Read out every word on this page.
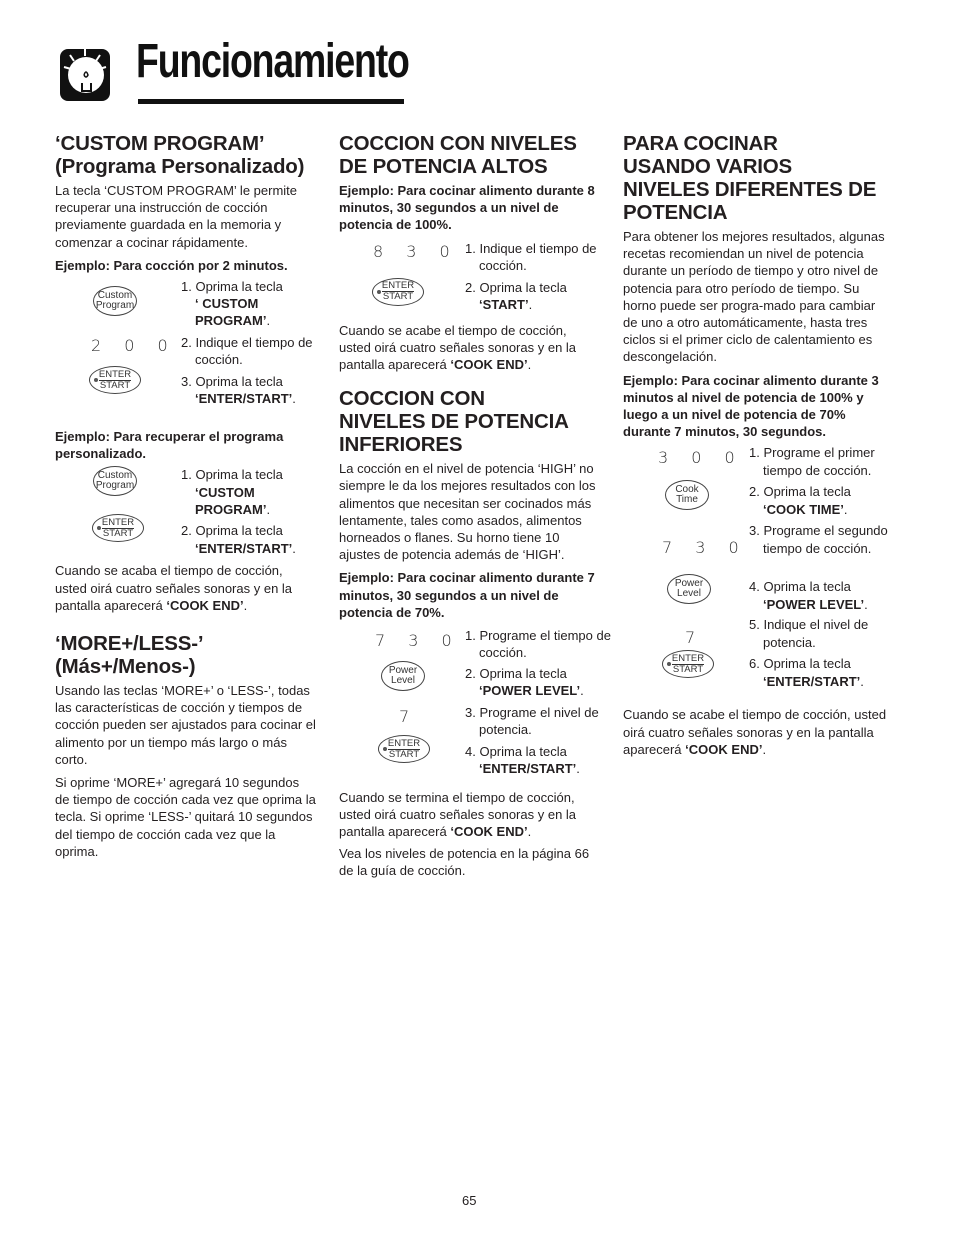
Funcionamiento
‘CUSTOM PROGRAM’
(Programa Personalizado)

La tecla ‘CUSTOM PROGRAM’ le permite recuperar una instrucción de cocción previamente guardada en la memoria y comenzar a cocinar rápidamente.

Ejemplo: Para cocción por 2 minutos.

Custom
Program
1. Oprima la tecla
‘ CUSTOM
PROGRAM’.
2 0 0 2. Indique el tiempo de cocción.
ENTER
START	3. Oprima la tecla
‘ENTER/START’.

Ejemplo: Para recuperar el programa personalizado.

Custom
Program
1. Oprima la tecla
‘CUSTOM
PROGRAM’.
ENTER
START	2. Oprima la tecla
‘ENTER/START’.

Cuando se acaba el tiempo de cocción, usted oirá cuatro señales sonoras y en la pantalla aparecerá ‘COOK END’.

‘MORE+/LESS-’
(Más+/Menos-)

Usando las teclas ‘MORE+’ o ‘LESS-’, todas las características de cocción y tiempos de cocción pueden ser ajustados para cocinar el alimento por un tiempo más largo o más corto.

Si oprime ‘MORE+’ agregará 10 segundos de tiempo de cocción cada vez que oprima la tecla. Si oprime ‘LESS-’ quitará 10 segundos del tiempo de cocción cada vez que la oprima.

COCCION CON NIVELES
DE POTENCIA ALTOS

Ejemplo: Para cocinar alimento durante 8 minutos, 30 segundos a un nivel de potencia de 100%.

8 3 0 1. Indique el tiempo de cocción.
ENTER
START
2. Oprima la tecla
‘START’.

Cuando se acabe el tiempo de cocción, usted oirá cuatro señales sonoras y en la pantalla aparecerá ‘COOK END’.

COCCION CON
NIVELES DE POTENCIA
INFERIORES

La cocción en el nivel de potencia ‘HIGH’ no siempre le da los mejores resultados con los alimentos que necesitan ser cocinados más lentamente, tales como asados, alimentos horneados o flanes. Su horno tiene 10 ajustes de potencia además de ‘HIGH’.

Ejemplo: Para cocinar alimento durante 7 minutos, 30 segundos a un nivel de potencia de 70%.

7 3 0 1. Programe el tiempo de cocción.
Power
Level	2. Oprima la tecla
‘POWER LEVEL’.
7	3. Programe el nivel de potencia.
ENTER
START	4. Oprima la tecla
‘ENTER/START’.

Cuando se termina el tiempo de cocción, usted oirá cuatro señales sonoras y en la pantalla aparecerá ‘COOK END’.

Vea los niveles de potencia en la página 66 de la guía de cocción.

PARA COCINAR
USANDO VARIOS
NIVELES DIFERENTES DE
POTENCIA

Para obtener los mejores resultados, algunas recetas recomiendan un nivel de potencia durante un período de tiempo y otro nivel de potencia para otro período de tiempo. Su horno puede ser progra-mado para cambiar de uno a otro automáticamente, hasta tres ciclos si el primer ciclo de calentamiento es descongelación.

Ejemplo: Para cocinar alimento durante 3 minutos al nivel de potencia de 100% y luego a un nivel de potencia de 70% durante 7 minutos, 30 segundos.

3 0 0 1. Programe el primer tiempo de cocción.
Cook
Time
2. Oprima la tecla
‘COOK TIME’.
7 3 0
3. Programe el segundo tiempo de cocción.
Power
Level	4. Oprima la tecla
‘POWER LEVEL’.
7
5. Indique el nivel de potencia.
ENTER
START	6. Oprima la tecla
‘ENTER/START’.

Cuando se acabe el tiempo de cocción, usted oirá cuatro señales sonoras y en la pantalla aparecerá ‘COOK END’.

65
